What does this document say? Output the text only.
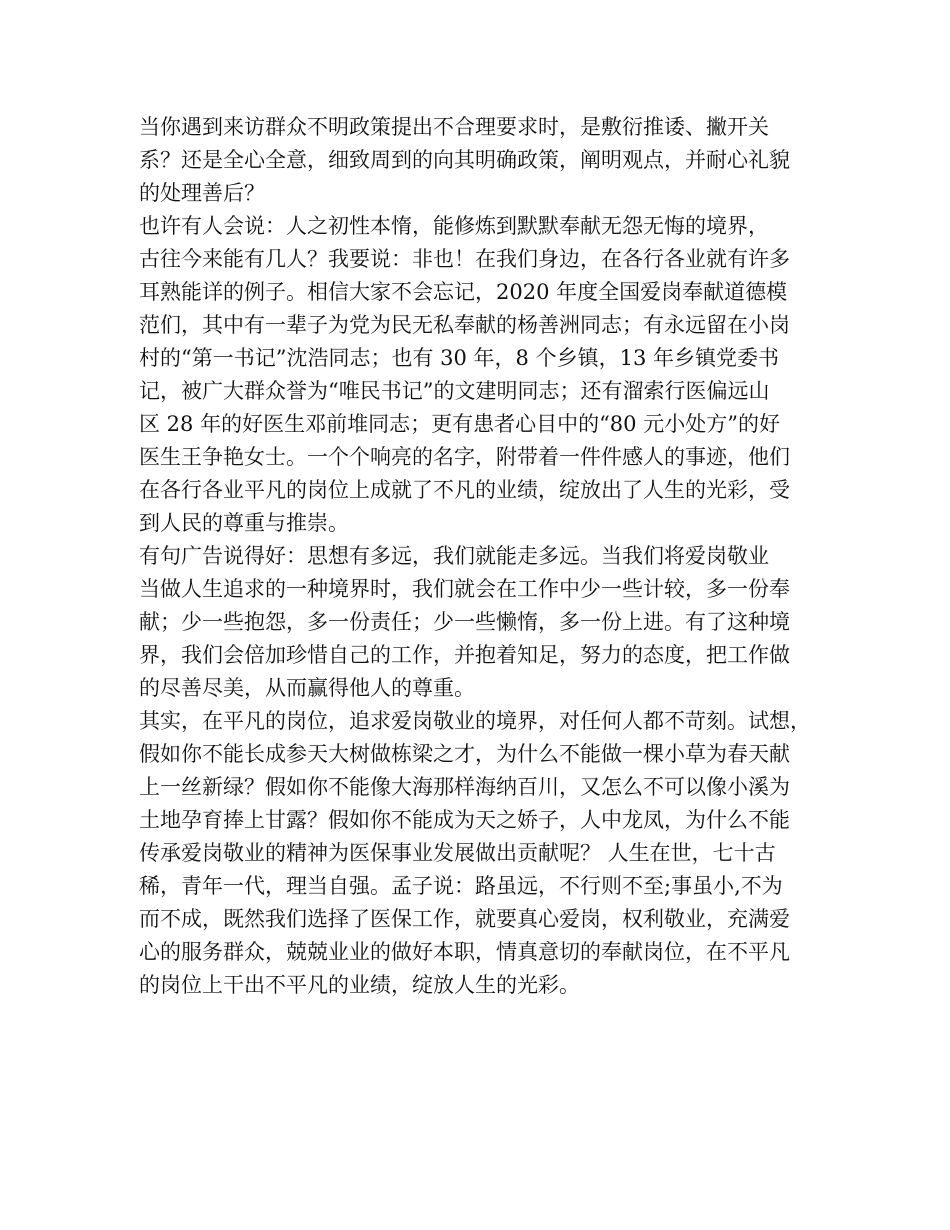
当你遇到来访群众不明政策提出不合理要求时，是敷衍推诿、撇开关
系？还是全心全意，细致周到的向其明确政策，阐明观点，并耐心礼貌
的处理善后？
也许有人会说：人之初性本惰，能修炼到默默奉献无怨无悔的境界，
古往今来能有几人？我要说：非也！在我们身边，在各行各业就有许多
耳熟能详的例子。相信大家不会忘记，2020 年度全国爱岗奉献道德模
范们，其中有一辈子为党为民无私奉献的杨善洲同志；有永远留在小岗
村的“第一书记”沈浩同志；也有 30 年，8 个乡镇，13 年乡镇党委书
记，被广大群众誉为“唯民书记”的文建明同志；还有溜索行医偏远山
区 28 年的好医生邓前堆同志；更有患者心目中的“80 元小处方”的好
医生王争艳女士。一个个响亮的名字，附带着一件件感人的事迹，他们
在各行各业平凡的岗位上成就了不凡的业绩，绽放出了人生的光彩，受
到人民的尊重与推崇。
有句广告说得好：思想有多远，我们就能走多远。当我们将爱岗敬业
当做人生追求的一种境界时，我们就会在工作中少一些计较，多一份奉
献；少一些抱怨，多一份责任；少一些懒惰，多一份上进。有了这种境
界，我们会倍加珍惜自己的工作，并抱着知足，努力的态度，把工作做
的尽善尽美，从而赢得他人的尊重。
其实，在平凡的岗位，追求爱岗敬业的境界，对任何人都不苛刻。试想，
假如你不能长成参天大树做栋梁之才，为什么不能做一棵小草为春天献
上一丝新绿？假如你不能像大海那样海纳百川，又怎么不可以像小溪为
土地孕育捧上甘露？假如你不能成为天之娇子，人中龙凤，为什么不能
传承爱岗敬业的精神为医保事业发展做出贡献呢？ 人生在世，七十古
稀，青年一代，理当自强。孟子说：路虽远，不行则不至;事虽小,不为
而不成，既然我们选择了医保工作，就要真心爱岗，权利敬业，充满爱
心的服务群众，兢兢业业的做好本职，情真意切的奉献岗位，在不平凡
的岗位上干出不平凡的业绩，绽放人生的光彩。
